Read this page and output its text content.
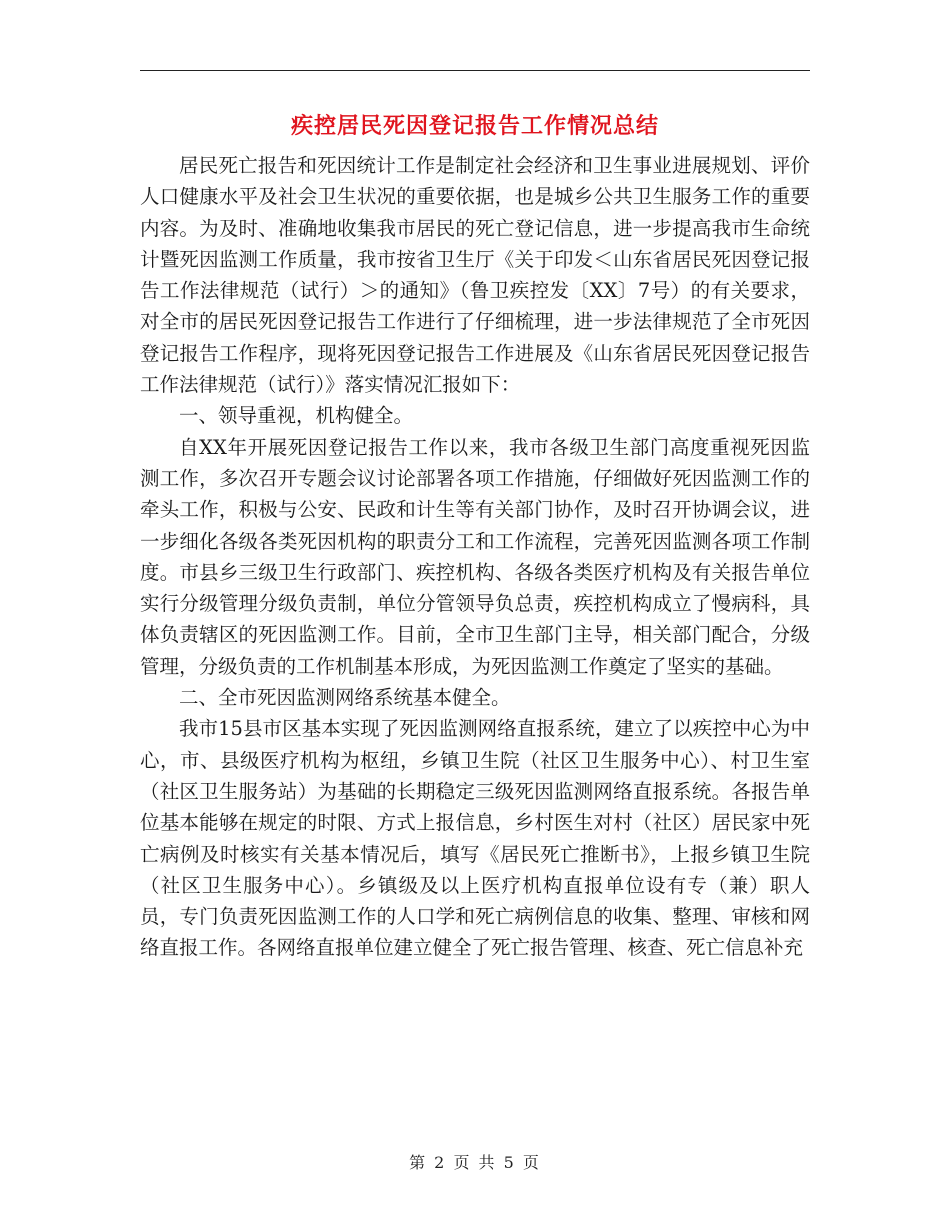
疾控居民死因登记报告工作情况总结

居民死亡报告和死因统计工作是制定社会经济和卫生事业进展规划、评价人口健康水平及社会卫生状况的重要依据，也是城乡公共卫生服务工作的重要内容。为及时、准确地收集我市居民的死亡登记信息，进一步提高我市生命统计暨死因监测工作质量，我市按省卫生厅《关于印发＜山东省居民死因登记报告工作法律规范（试行）＞的通知》（鲁卫疾控发〔XX〕7号）的有关要求，对全市的居民死因登记报告工作进行了仔细梳理，进一步法律规范了全市死因登记报告工作程序，现将死因登记报告工作进展及《山东省居民死因登记报告工作法律规范（试行）》落实情况汇报如下：

一、领导重视，机构健全。

自XX年开展死因登记报告工作以来，我市各级卫生部门高度重视死因监测工作，多次召开专题会议讨论部署各项工作措施，仔细做好死因监测工作的牵头工作，积极与公安、民政和计生等有关部门协作，及时召开协调会议，进一步细化各级各类死因机构的职责分工和工作流程，完善死因监测各项工作制度。市县乡三级卫生行政部门、疾控机构、各级各类医疗机构及有关报告单位实行分级管理分级负责制，单位分管领导负总责，疾控机构成立了慢病科，具体负责辖区的死因监测工作。目前，全市卫生部门主导，相关部门配合，分级管理，分级负责的工作机制基本形成，为死因监测工作奠定了坚实的基础。

二、全市死因监测网络系统基本健全。

我市15县市区基本实现了死因监测网络直报系统，建立了以疾控中心为中心，市、县级医疗机构为枢纽，乡镇卫生院（社区卫生服务中心）、村卫生室（社区卫生服务站）为基础的长期稳定三级死因监测网络直报系统。各报告单位基本能够在规定的时限、方式上报信息，乡村医生对村（社区）居民家中死亡病例及时核实有关基本情况后，填写《居民死亡推断书》，上报乡镇卫生院（社区卫生服务中心）。乡镇级及以上医疗机构直报单位设有专（兼）职人员，专门负责死因监测工作的人口学和死亡病例信息的收集、整理、审核和网络直报工作。各网络直报单位建立健全了死亡报告管理、核查、死亡信息补充

第 2 页 共 5 页
